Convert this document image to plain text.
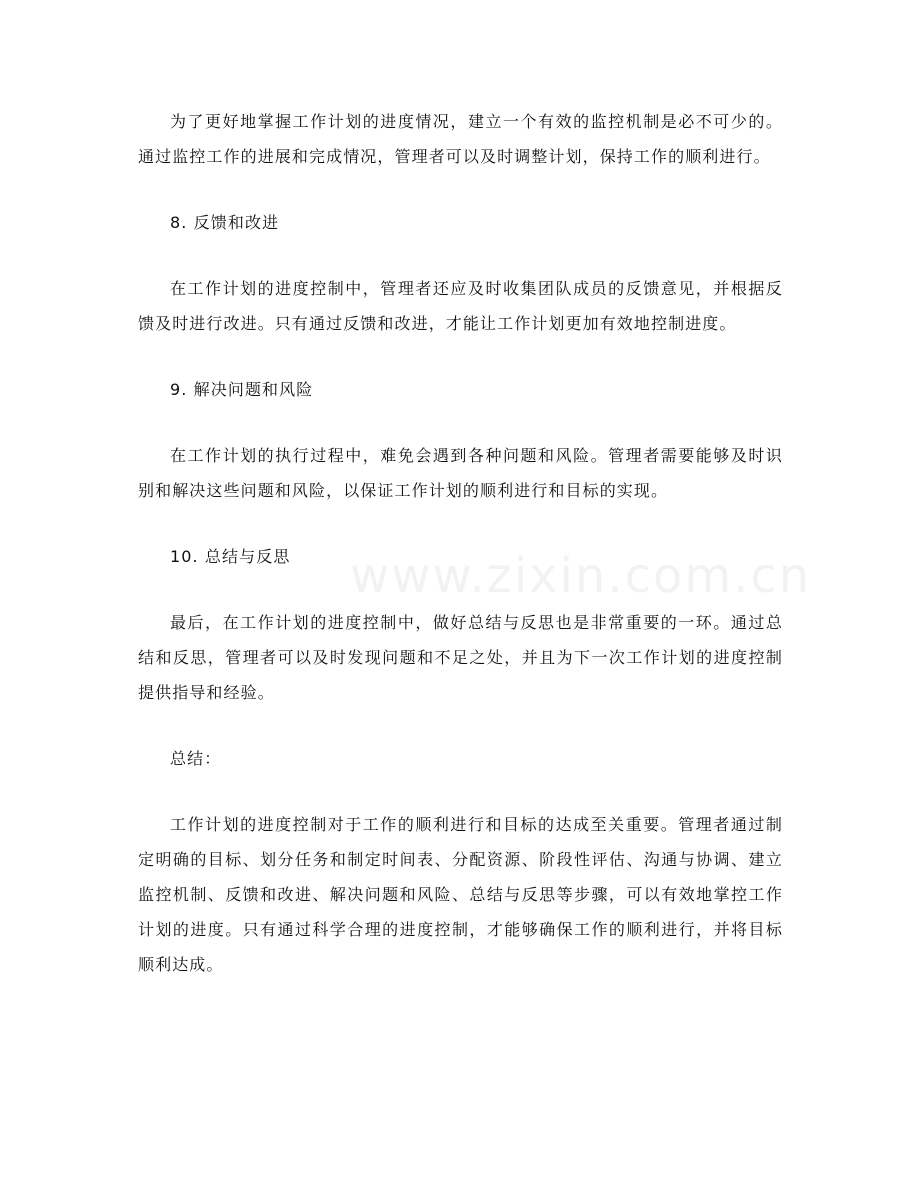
为了更好地掌握工作计划的进度情况，建立一个有效的监控机制是必不可少的。通过监控工作的进展和完成情况，管理者可以及时调整计划，保持工作的顺利进行。

8. 反馈和改进

在工作计划的进度控制中，管理者还应及时收集团队成员的反馈意见，并根据反馈及时进行改进。只有通过反馈和改进，才能让工作计划更加有效地控制进度。

9. 解决问题和风险

在工作计划的执行过程中，难免会遇到各种问题和风险。管理者需要能够及时识别和解决这些问题和风险，以保证工作计划的顺利进行和目标的实现。

10. 总结与反思

最后，在工作计划的进度控制中，做好总结与反思也是非常重要的一环。通过总结和反思，管理者可以及时发现问题和不足之处，并且为下一次工作计划的进度控制提供指导和经验。

总结：

工作计划的进度控制对于工作的顺利进行和目标的达成至关重要。管理者通过制定明确的目标、划分任务和制定时间表、分配资源、阶段性评估、沟通与协调、建立监控机制、反馈和改进、解决问题和风险、总结与反思等步骤，可以有效地掌控工作计划的进度。只有通过科学合理的进度控制，才能够确保工作的顺利进行，并将目标顺利达成。

www.zixin.com.cn
